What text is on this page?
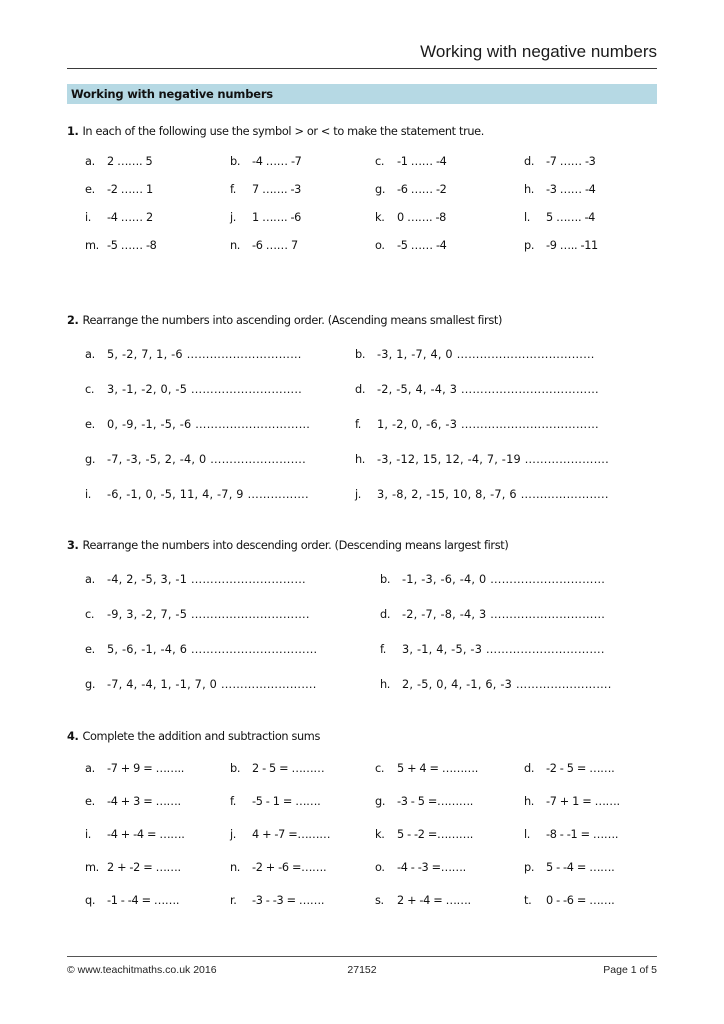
Working with negative numbers
Working with negative numbers
1. In each of the following use the symbol > or < to make the statement true.
a. 2 ……. 5	b. -4 …… -7	c. -1 …… -4	d. -7 …… -3
e. -2 …… 1	f. 7 ……. -3	g. -6 …… -2	h. -3 …… -4
i. -4 …… 2	j. 1 ……. -6	k. 0 ……. -8	l. 5 ……. -4
m. -5 …… -8	n. -6 …… 7	o. -5 …… -4	p. -9 ….. -11
2. Rearrange the numbers into ascending order. (Ascending means smallest first)
a. 5, -2, 7, 1, -6 …………………………	b. -3, 1, -7, 4, 0 ………………………………
c. 3, -1, -2, 0, -5 ………………………..	d. -2, -5, 4, -4, 3 ………………………………
e. 0, -9, -1, -5, -6 …………………………	f. 1, -2, 0, -6, -3 ………………………………
g. -7, -3, -5, 2, -4, 0 …………………….	h. -3, -12, 15, 12, -4, 7, -19 ………………….
i. -6, -1, 0, -5, 11, 4, -7, 9 …………….	j. 3, -8, 2, -15, 10, 8, -7, 6 …………………..
3. Rearrange the numbers into descending order. (Descending means largest first)
a. -4, 2, -5, 3, -1 …………………………	b. -1, -3, -6, -4, 0 …………………………
c. -9, 3, -2, 7, -5 ………………………….	d. -2, -7, -8, -4, 3 …………………………
e. 5, -6, -1, -4, 6 ……………………………	f. 3, -1, 4, -5, -3 ………………………….
g. -7, 4, -4, 1, -1, 7, 0 …………………….	h. 2, -5, 0, 4, -1, 6, -3 …………………….
4. Complete the addition and subtraction sums
a. -7 + 9 = ……..	b. 2 - 5 = ………	c. 5 + 4 = ……….	d. -2 - 5 = …….
e. -4 + 3 = …….	f. -5 - 1 = …….	g. -3 - 5 =……….	h. -7 + 1 = …….
i. -4 + -4 = …….	j. 4 + -7 =………	k. 5 - -2 =……….	l. -8 - -1 = …….
m. 2 + -2 = …….	n. -2 + -6 =…….	o. -4 - -3 =…….	p. 5 - -4 = …….
q. -1 - -4 = …….	r. -3 - -3 = …….	s. 2 + -4 = …….	t. 0 - -6 = …….
© www.teachitmaths.co.uk 2016	27152	Page 1 of 5
